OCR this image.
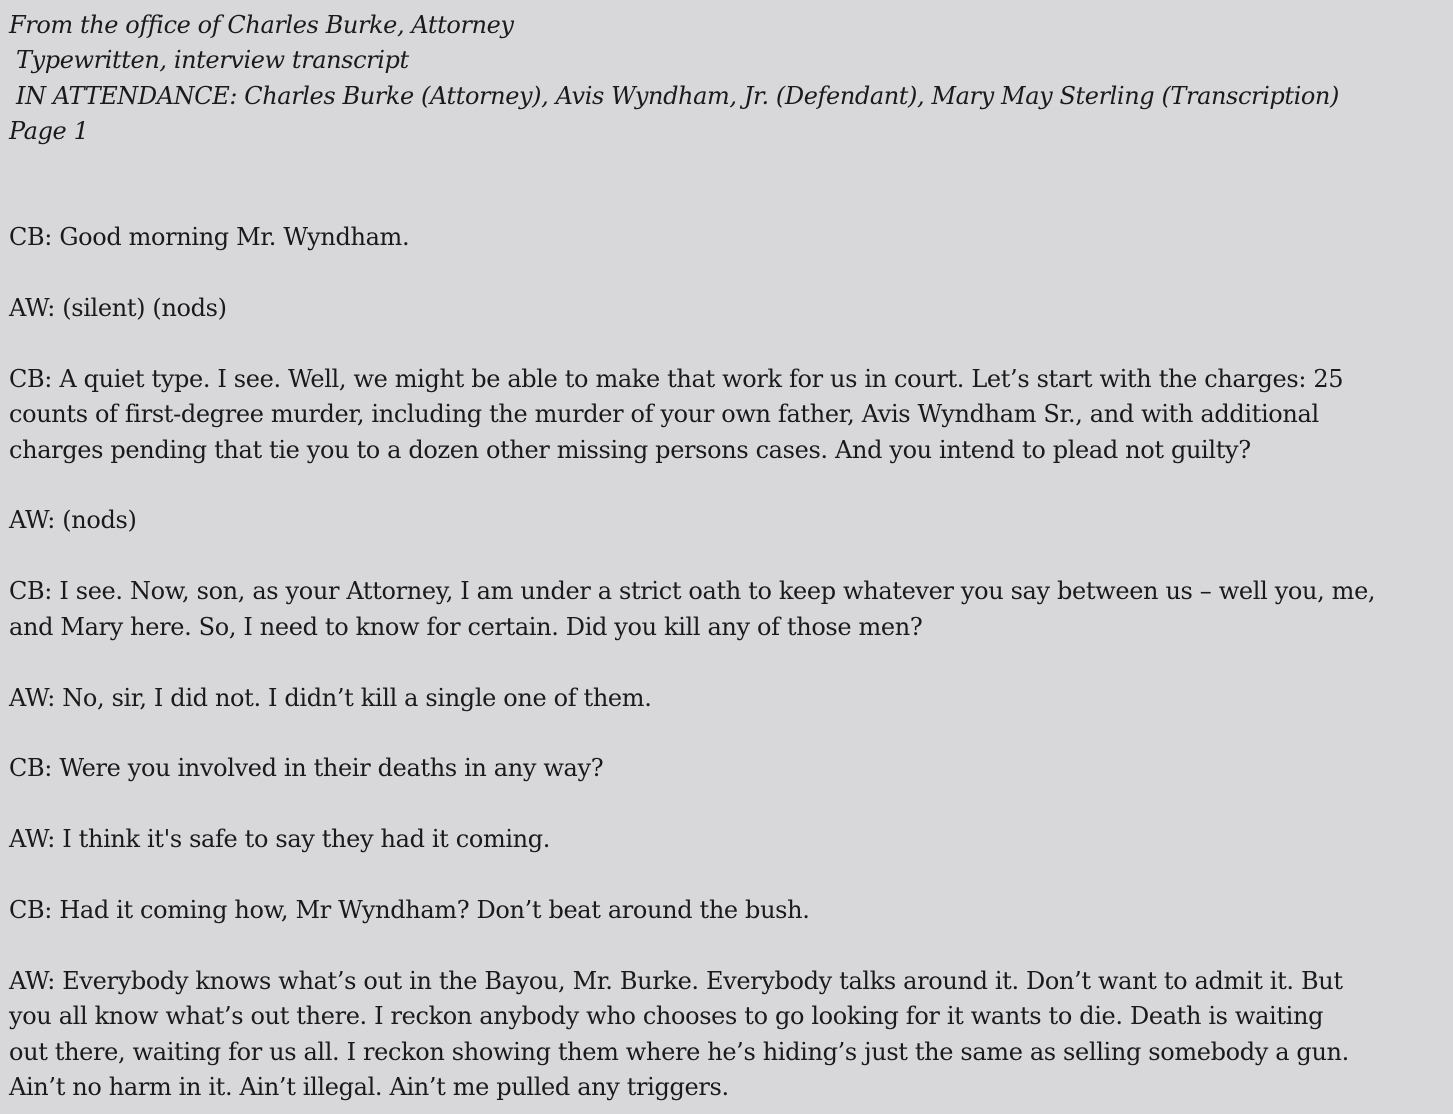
From the office of Charles Burke, Attorney
Typewritten, interview transcript
IN ATTENDANCE: Charles Burke (Attorney), Avis Wyndham, Jr. (Defendant), Mary May Sterling (Transcription)
Page 1

CB: Good morning Mr. Wyndham.

AW: (silent) (nods)

CB: A quiet type. I see. Well, we might be able to make that work for us in court. Let’s start with the charges: 25
counts of first-degree murder, including the murder of your own father, Avis Wyndham Sr., and with additional
charges pending that tie you to a dozen other missing persons cases. And you intend to plead not guilty?

AW: (nods)

CB: I see. Now, son, as your Attorney, I am under a strict oath to keep whatever you say between us – well you, me,
and Mary here. So, I need to know for certain. Did you kill any of those men?

AW: No, sir, I did not. I didn’t kill a single one of them.

CB: Were you involved in their deaths in any way?

AW: I think it's safe to say they had it coming.

CB: Had it coming how, Mr Wyndham? Don’t beat around the bush.

AW: Everybody knows what’s out in the Bayou, Mr. Burke. Everybody talks around it. Don’t want to admit it. But
you all know what’s out there. I reckon anybody who chooses to go looking for it wants to die. Death is waiting
out there, waiting for us all. I reckon showing them where he’s hiding’s just the same as selling somebody a gun.
Ain’t no harm in it. Ain’t illegal. Ain’t me pulled any triggers.
